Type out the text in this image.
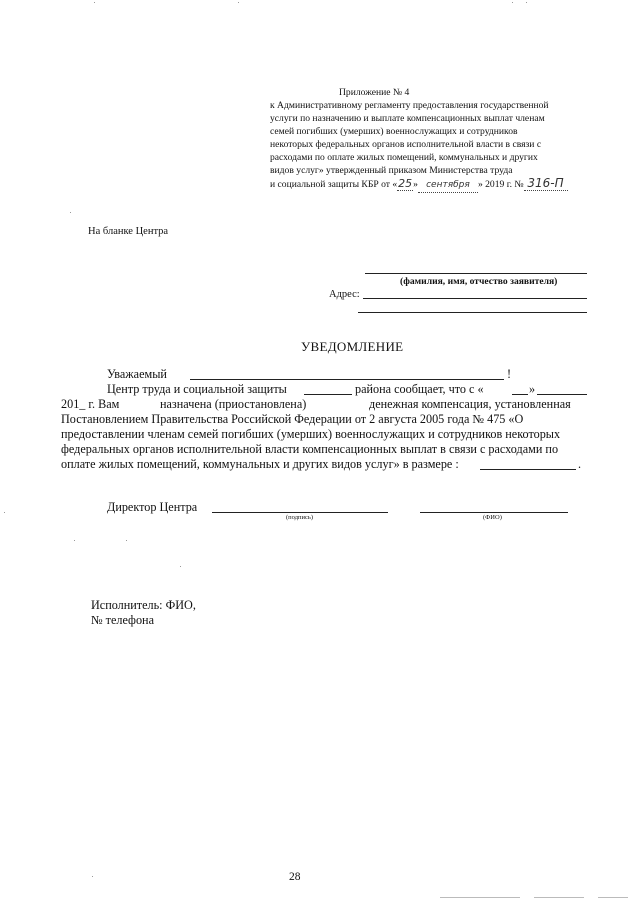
Приложение № 4
к Административному регламенту предоставления государственной
услуги по назначению и выплате компенсационных выплат членам
семей погибших (умерших) военнослужащих и сотрудников
некоторых федеральных органов исполнительной власти в связи с
расходами по оплате жилых помещений, коммунальных и других
видов услуг» утвержденный приказом Министерства труда
и социальной защиты КБР от «25» сентября » 2019 г. № 316-П
На бланке Центра
(фамилия, имя, отчество заявителя)
Адрес:
УВЕДОМЛЕНИЕ
Уважаемый	!
Центр труда и социальной защиты	района сообщает, что с «	»
201_ г. Вам	назначена (приостановлена)	денежная компенсация, установленная
Постановлением Правительства Российской Федерации от 2 августа 2005 года № 475 «О
предоставлении членам семей погибших (умерших) военнослужащих и сотрудников некоторых
федеральных органов исполнительной власти компенсационных выплат в связи с расходами по
оплате жилых помещений, коммунальных и других видов услуг» в размере :	.
Директор Центра
(подпись)	(ФИО)
Исполнитель: ФИО,
№ телефона
28
